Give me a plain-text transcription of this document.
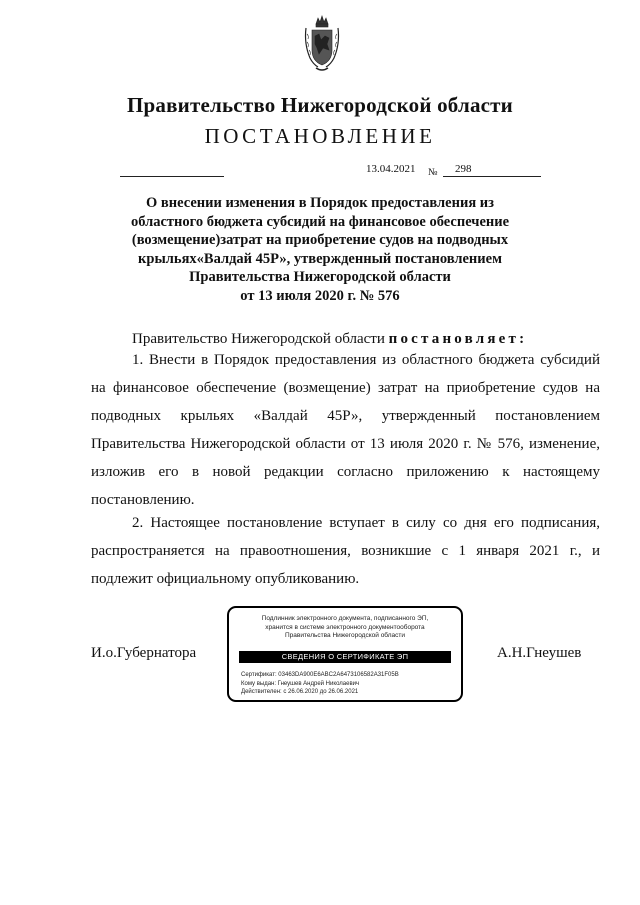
Правительство Нижегородской области
ПОСТАНОВЛЕНИЕ
13.04.2021 № 298
О внесении изменения в Порядок предоставления из
областного бюджета субсидий на финансовое обеспечение
(возмещение)затрат на приобретение судов на подводных
крыльях«Валдай 45Р», утвержденный постановлением
Правительства Нижегородской области
от 13 июля 2020 г. № 576
Правительство Нижегородской области постановляет:

1. Внести в Порядок предоставления из областного бюджета субсидий на финансовое обеспечение (возмещение) затрат на приобретение судов на подводных крыльях «Валдай 45Р», утвержденный постановлением Правительства Нижегородской области от 13 июля 2020 г. № 576, изменение, изложив его в новой редакции согласно приложению к настоящему постановлению.

2. Настоящее постановление вступает в силу со дня его подписания, распространяется на правоотношения, возникшие с 1 января 2021 г., и подлежит официальному опубликованию.

И.о.Губернатора	А.Н.Гнеушев
Подлинник электронного документа, подписанного ЭП,
хранится в системе электронного документооборота
Правительства Нижегородской области
СВЕДЕНИЯ О СЕРТИФИКАТЕ ЭП
Сертификат: 03463DA900E6ABC2A6473106582A31F05B
Кому выдан: Гнеушев Андрей Николаевич
Действителен: с 26.06.2020 до 26.06.2021
